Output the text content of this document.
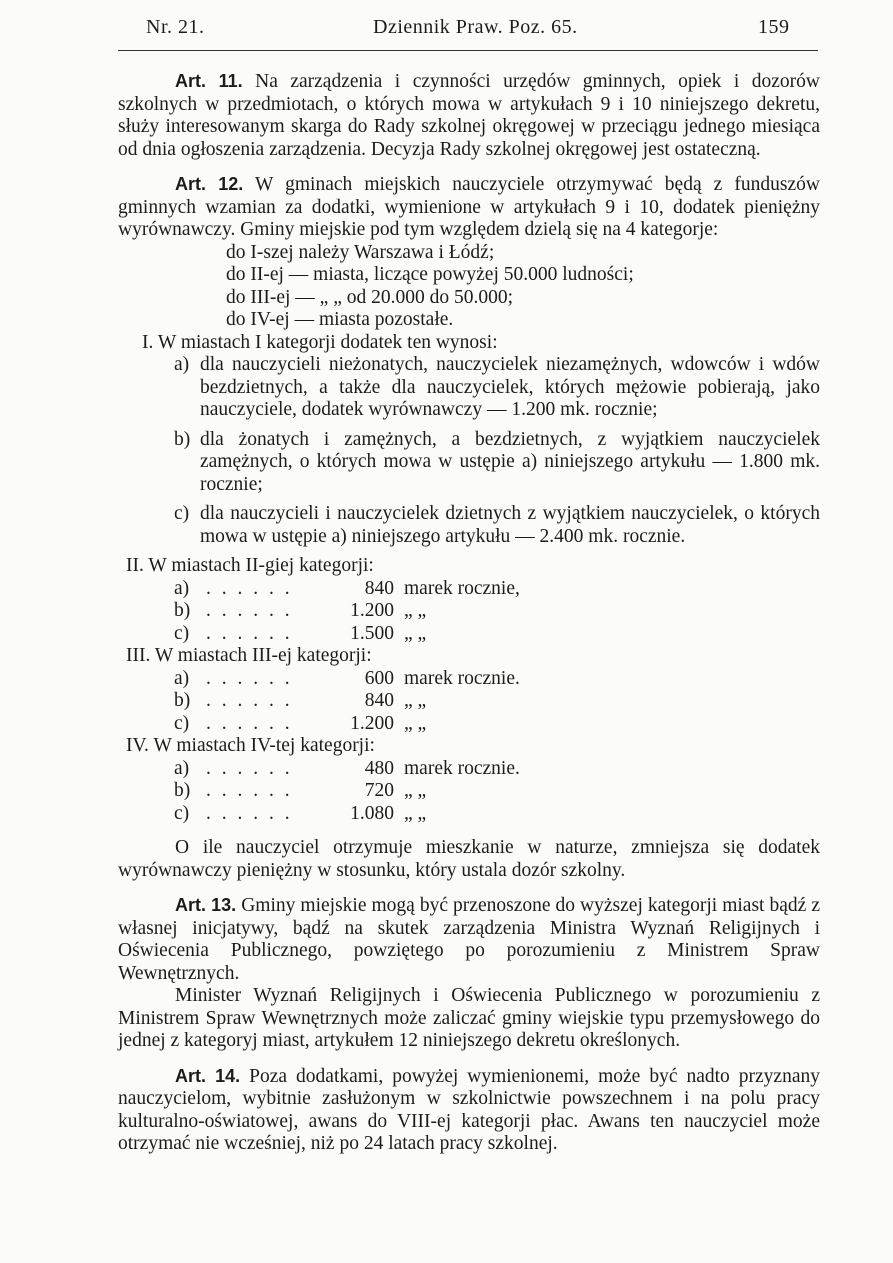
Nr. 21.	Dziennik Praw. Poz. 65.	159

Art. 11. Na zarządzenia i czynności urzędów gminnych, opiek i dozorów szkolnych w przedmiotach, o których mowa w artykułach 9 i 10 niniejszego dekretu, służy interesowanym skarga do Rady szkolnej okręgowej w przeciągu jednego miesiąca od dnia ogłoszenia zarządzenia. Decyzja Rady szkolnej okręgowej jest ostateczną.

Art. 12. W gminach miejskich nauczyciele otrzymywać będą z funduszów gminnych wzamian za dodatki, wymienione w artykułach 9 i 10, dodatek pieniężny wyrównawczy. Gminy miejskie pod tym względem dzielą się na 4 kategorje:

do I-szej należy Warszawa i Łódź;
do II-ej — miasta, liczące powyżej 50.000 ludności;
do III-ej — „ „ od 20.000 do 50.000;
do IV-ej — miasta pozostałe.

I. W miastach I kategorji dodatek ten wynosi:

a) dla nauczycieli nieżonatych, nauczycielek niezamężnych, wdowców i wdów bezdzietnych, a także dla nauczycielek, których mężowie pobierają, jako nauczyciele, dodatek wyrównawczy — 1.200 mk. rocznie;
b) dla żonatych i zamężnych, a bezdzietnych, z wyjątkiem nauczycielek zamężnych, o których mowa w ustępie a) niniejszego artykułu — 1.800 mk. rocznie;
c) dla nauczycieli i nauczycielek dzietnych z wyjątkiem nauczycielek, o których mowa w ustępie a) niniejszego artykułu — 2.400 mk. rocznie.
II. W miastach II-giej kategorji:
a) . . . . . .	840 marek rocznie,
b) . . . . . .	1.200 „ „
c) . . . . . .	1.500 „ „
III. W miastach III-ej kategorji:
a) . . . . . .	600 marek rocznie.
b) . . . . . .	840 „ „
c) . . . . . .	1.200 „ „
IV. W miastach IV-tej kategorji:
a) . . . . . .	480 marek rocznie.
b) . . . . . .	720 „ „
c) . . . . . .	1.080 „ „

O ile nauczyciel otrzymuje mieszkanie w naturze, zmniejsza się dodatek wyrównawczy pieniężny w stosunku, który ustala dozór szkolny.

Art. 13. Gminy miejskie mogą być przenoszone do wyższej kategorji miast bądź z własnej inicjatywy, bądź na skutek zarządzenia Ministra Wyznań Religijnych i Oświecenia Publicznego, powziętego po porozumieniu z Ministrem Spraw Wewnętrznych.

Minister Wyznań Religijnych i Oświecenia Publicznego w porozumieniu z Ministrem Spraw Wewnętrznych może zaliczać gminy wiejskie typu przemysłowego do jednej z kategoryj miast, artykułem 12 niniejszego dekretu określonych.

Art. 14. Poza dodatkami, powyżej wymienionemi, może być nadto przyznany nauczycielom, wybitnie zasłużonym w szkolnictwie powszechnem i na polu pracy kulturalno-oświatowej, awans do VIII-ej kategorji płac. Awans ten nauczyciel może otrzymać nie wcześniej, niż po 24 latach pracy szkolnej.
